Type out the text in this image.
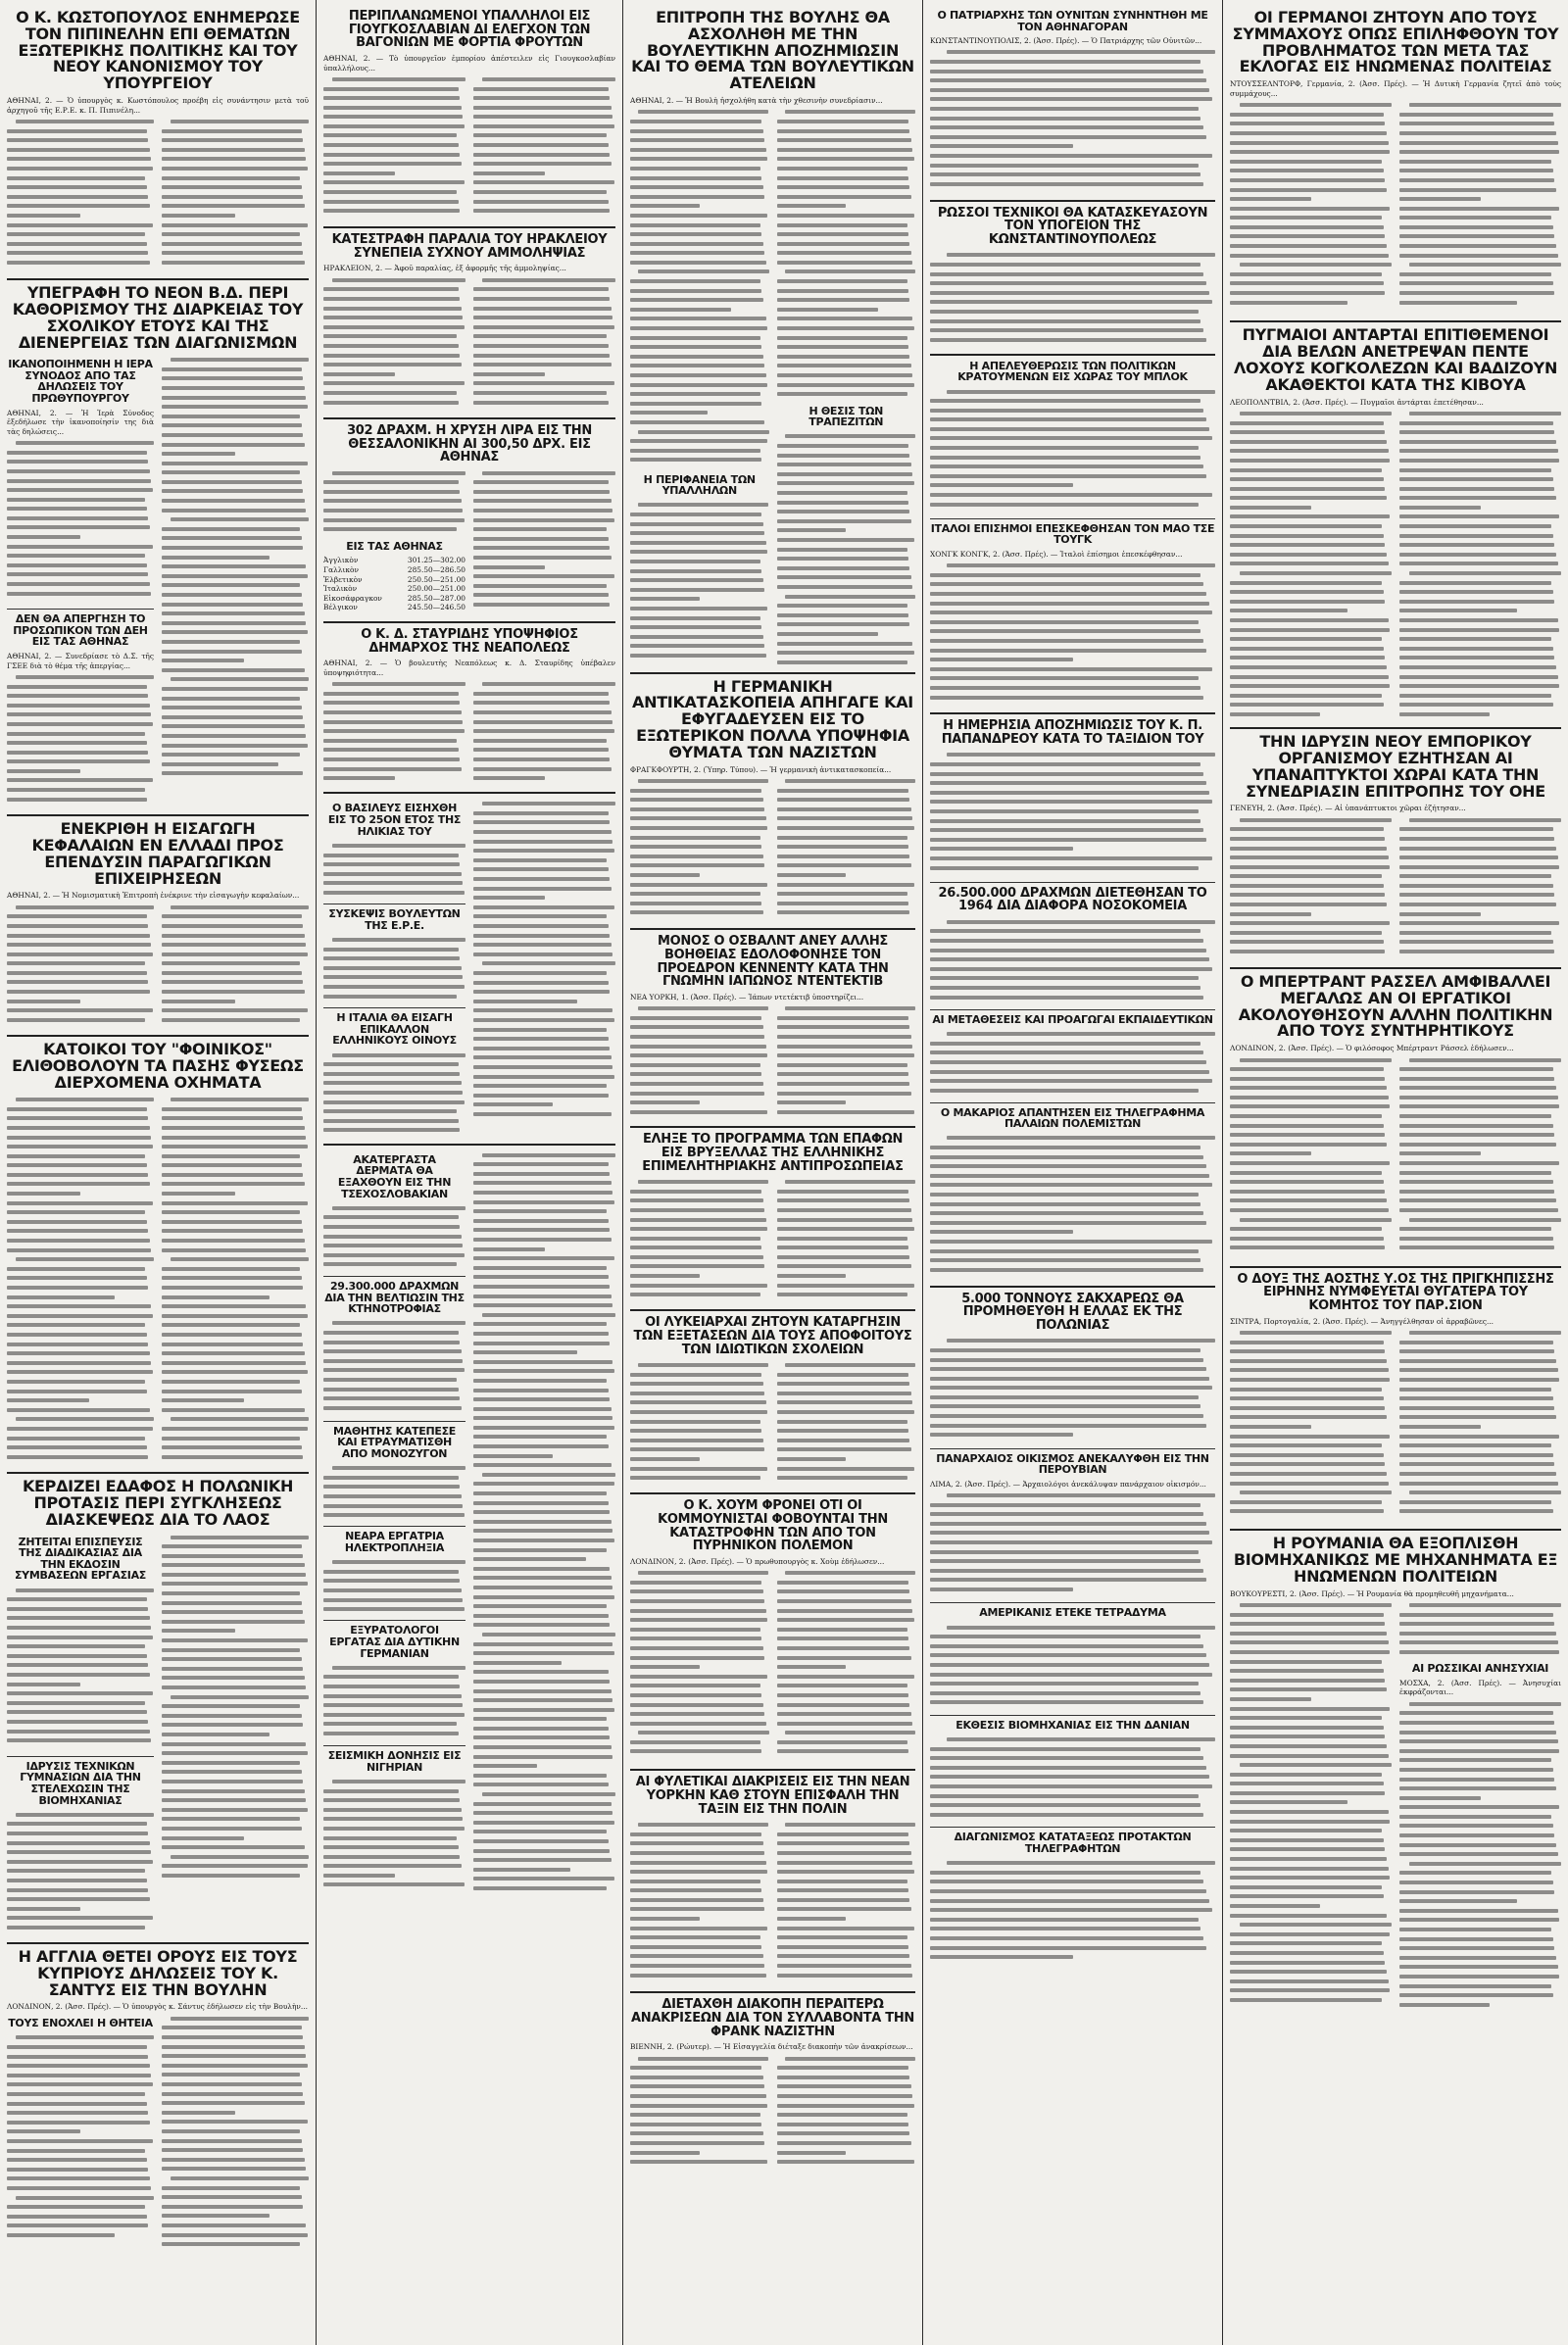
Ο Κ. ΚΩΣΤΟΠΟΥΛΟΣ ΕΝΗΜΕΡΩΣΕ ΤΟΝ ΠΙΠΙΝΕΛΗΝ ΕΠΙ ΘΕΜΑΤΩΝ ΕΞΩΤΕΡΙΚΗΣ ΠΟΛΙΤΙΚΗΣ ΚΑΙ ΤΟΥ ΝΕΟΥ ΚΑΝΟΝΙΣΜΟΥ ΤΟΥ ΥΠΟΥΡΓΕΙΟΥ

ΑΘΗΝΑΙ, 2. — Ὁ ὑπουργὸς κ. Κωστόπουλος προέβη εἰς συνάντησιν μετὰ τοῦ ἀρχηγοῦ τῆς Ε.Ρ.Ε. κ. Π. Πιπινέλη...

ΥΠΕΓΡΑΦΗ ΤΟ ΝΕΟΝ Β.Δ. ΠΕΡΙ ΚΑΘΟΡΙΣΜΟΥ ΤΗΣ ΔΙΑΡΚΕΙΑΣ ΤΟΥ ΣΧΟΛΙΚΟΥ ΕΤΟΥΣ ΚΑΙ ΤΗΣ ΔΙΕΝΕΡΓΕΙΑΣ ΤΩΝ ΔΙΑΓΩΝΙΣΜΩΝ
ΙΚΑΝΟΠΟΙΗΜΕΝΗ Η ΙΕΡΑ ΣΥΝΟΔΟΣ ΑΠΟ ΤΑΣ ΔΗΛΩΣΕΙΣ ΤΟΥ ΠΡΩΘΥΠΟΥΡΓΟΥ

ΑΘΗΝΑΙ, 2. — Ἡ Ἱερὰ Σύνοδος ἐξεδήλωσε τὴν ἱκανοποίησίν της διὰ τὰς δηλώσεις...

ΔΕΝ ΘΑ ΑΠΕΡΓΗΣΗ ΤΟ ΠΡΟΣΩΠΙΚΟΝ ΤΩΝ ΔΕΗ ΕΙΣ ΤΑΣ ΑΘΗΝΑΣ

ΑΘΗΝΑΙ, 2. — Συνεδρίασε τὸ Δ.Σ. τῆς ΓΣΕΕ διὰ τὸ θέμα τῆς ἀπεργίας...

ΕΝΕΚΡΙΘΗ Η ΕΙΣΑΓΩΓΗ ΚΕΦΑΛΑΙΩΝ ΕΝ ΕΛΛΑΔΙ ΠΡΟΣ ΕΠΕΝΔΥΣΙΝ ΠΑΡΑΓΩΓΙΚΩΝ ΕΠΙΧΕΙΡΗΣΕΩΝ

ΑΘΗΝΑΙ, 2. — Ἡ Νομισματικὴ Ἐπιτροπὴ ἐνέκρινε τὴν εἰσαγωγὴν κεφαλαίων...

ΚΑΤΟΙΚΟΙ ΤΟΥ "ΦΟΙΝΙΚΟΣ" ΕΛΙΘΟΒΟΛΟΥΝ ΤΑ ΠΑΣΗΣ ΦΥΣΕΩΣ ΔΙΕΡΧΟΜΕΝΑ ΟΧΗΜΑΤΑ
ΚΕΡΔΙΖΕΙ ΕΔΑΦΟΣ Η ΠΟΛΩΝΙΚΗ ΠΡΟΤΑΣΙΣ ΠΕΡΙ ΣΥΓΚΛΗΣΕΩΣ ΔΙΑΣΚΕΨΕΩΣ ΔΙΑ ΤΟ ΛΑΟΣ
ΖΗΤΕΙΤΑΙ ΕΠΙΣΠΕΥΣΙΣ ΤΗΣ ΔΙΑΔΙΚΑΣΙΑΣ ΔΙΑ ΤΗΝ ΕΚΔΟΣΙΝ ΣΥΜΒΑΣΕΩΝ ΕΡΓΑΣΙΑΣ
ΙΔΡΥΣΙΣ ΤΕΧΝΙΚΩΝ ΓΥΜΝΑΣΙΩΝ ΔΙΑ ΤΗΝ ΣΤΕΛΕΧΩΣΙΝ ΤΗΣ ΒΙΟΜΗΧΑΝΙΑΣ
Η ΑΓΓΛΙΑ ΘΕΤΕΙ ΟΡΟΥΣ ΕΙΣ ΤΟΥΣ ΚΥΠΡΙΟΥΣ ΔΗΛΩΣΕΙΣ ΤΟΥ Κ. ΣΑΝΤΥΣ ΕΙΣ ΤΗΝ ΒΟΥΛΗΝ

ΛΟΝΔΙΝΟΝ, 2. (Ἀσσ. Πρές). — Ὁ ὑπουργὸς κ. Σάντυς ἐδήλωσεν εἰς τὴν Βουλὴν...

ΤΟΥΣ ΕΝΟΧΛΕΙ Η ΘΗΤΕΙΑ
ΠΕΡΙΠΛΑΝΩΜΕΝΟΙ ΥΠΑΛΛΗΛΟΙ ΕΙΣ ΓΙΟΥΓΚΟΣΛΑΒΙΑΝ ΔΙ ΕΛΕΓΧΟΝ ΤΩΝ ΒΑΓΟΝΙΩΝ ΜΕ ΦΟΡΤΙΑ ΦΡΟΥΤΩΝ

ΑΘΗΝΑΙ, 2. — Τὸ ὑπουργεῖον ἐμπορίου ἀπέστειλεν εἰς Γιουγκοσλαβίαν ὑπαλλήλους...

ΚΑΤΕΣΤΡΑΦΗ ΠΑΡΑΛΙΑ ΤΟΥ ΗΡΑΚΛΕΙΟΥ ΣΥΝΕΠΕΙΑ ΣΥΧΝΟΥ ΑΜΜΟΛΗΨΙΑΣ

ΗΡΑΚΛΕΙΟΝ, 2. — Ἀφοῦ παραλίας, ἐξ ἀφορμῆς τῆς ἀμμοληψίας...

302 ΔΡΑΧΜ. Η ΧΡΥΣΗ ΛΙΡΑ ΕΙΣ ΤΗΝ ΘΕΣΣΑΛΟΝΙΚΗΝ ΑΙ 300,50 ΔΡΧ. ΕΙΣ ΑΘΗΝΑΣ
ΕΙΣ ΤΑΣ ΑΘΗΝΑΣ
Ἀγγλικὸν	301.25—302.00
Γαλλικὸν	285.50—286.50
Ἑλβετικὸν	250.50—251.00
Ἰταλικὸν	250.00—251.00
Εἰκοσάφραγκον	285.50—287.00
Βέλγικον	245.50—246.50
Ο Κ. Δ. ΣΤΑΥΡΙΔΗΣ ΥΠΟΨΗΦΙΟΣ ΔΗΜΑΡΧΟΣ ΤΗΣ ΝΕΑΠΟΛΕΩΣ

ΑΘΗΝΑΙ, 2. — Ὁ βουλευτὴς Νεαπόλεως κ. Δ. Σταυρίδης ὑπέβαλεν ὑποψηφιότητα...

Ο ΒΑΣΙΛΕΥΣ ΕΙΣΗΧΘΗ ΕΙΣ ΤΟ 25ΟΝ ΕΤΟΣ ΤΗΣ ΗΛΙΚΙΑΣ ΤΟΥ
ΣΥΣΚΕΨΙΣ ΒΟΥΛΕΥΤΩΝ ΤΗΣ Ε.Ρ.Ε.
Η ΙΤΑΛΙΑ ΘΑ ΕΙΣΑΓΗ ΕΠΙΚΑΛΛΟΝ ΕΛΛΗΝΙΚΟΥΣ ΟΙΝΟΥΣ
ΑΚΑΤΕΡΓΑΣΤΑ ΔΕΡΜΑΤΑ ΘΑ ΕΞΑΧΘΟΥΝ ΕΙΣ ΤΗΝ ΤΣΕΧΟΣΛΟΒΑΚΙΑΝ
29.300.000 ΔΡΑΧΜΩΝ ΔΙΑ ΤΗΝ ΒΕΛΤΙΩΣΙΝ ΤΗΣ ΚΤΗΝΟΤΡΟΦΙΑΣ
ΜΑΘΗΤΗΣ ΚΑΤΕΠΕΣΕ ΚΑΙ ΕΤΡΑΥΜΑΤΙΣΘΗ ΑΠΟ ΜΟΝΟΖΥΓΟΝ
ΝΕΑΡΑ ΕΡΓΑΤΡΙΑ ΗΛΕΚΤΡΟΠΛΗΞΙΑ
ΕΞΥΡΑΤΟΛΟΓΟΙ ΕΡΓΑΤΑΣ ΔΙΑ ΔΥΤΙΚΗΝ ΓΕΡΜΑΝΙΑΝ
ΣΕΙΣΜΙΚΗ ΔΟΝΗΣΙΣ ΕΙΣ ΝΙΓΗΡΙΑΝ
ΕΠΙΤΡΟΠΗ ΤΗΣ ΒΟΥΛΗΣ ΘΑ ΑΣΧΟΛΗΘΗ ΜΕ ΤΗΝ ΒΟΥΛΕΥΤΙΚΗΝ ΑΠΟΖΗΜΙΩΣΙΝ ΚΑΙ ΤΟ ΘΕΜΑ ΤΩΝ ΒΟΥΛΕΥΤΙΚΩΝ ΑΤΕΛΕΙΩΝ

ΑΘΗΝΑΙ, 2. — Ἡ Βουλὴ ἠσχολήθη κατὰ τὴν χθεσινὴν συνεδρίασιν...

Η ΠΕΡΙΦΑΝΕΙΑ ΤΩΝ ΥΠΑΛΛΗΛΩΝ
Η ΘΕΣΙΣ ΤΩΝ ΤΡΑΠΕΖΙΤΩΝ
Η ΓΕΡΜΑΝΙΚΗ ΑΝΤΙΚΑΤΑΣΚΟΠΕΙΑ ΑΠΗΓΑΓΕ ΚΑΙ ΕΦΥΓΑΔΕΥΣΕΝ ΕΙΣ ΤΟ ΕΞΩΤΕΡΙΚΟΝ ΠΟΛΛΑ ΥΠΟΨΗΦΙΑ ΘΥΜΑΤΑ ΤΩΝ ΝΑΖΙΣΤΩΝ

ΦΡΑΓΚΦΟΥΡΤΗ, 2. (Ὑπηρ. Τύπου). — Ἡ γερμανικὴ ἀντικατασκοπεία...

ΜΟΝΟΣ Ο ΟΣΒΑΛΝΤ ΑΝΕΥ ΑΛΛΗΣ ΒΟΗΘΕΙΑΣ ΕΔΟΛΟΦΟΝΗΣΕ ΤΟΝ ΠΡΟΕΔΡΟΝ ΚΕΝΝΕΝΤΥ ΚΑΤΑ ΤΗΝ ΓΝΩΜΗΝ ΙΑΠΩΝΟΣ ΝΤΕΝΤΕΚΤΙΒ

ΝΕΑ ΥΟΡΚΗ, 1. (Ἀσσ. Πρές). — Ἰάπων ντετέκτιβ ὑποστηρίζει...

ΕΛΗΞΕ ΤΟ ΠΡΟΓΡΑΜΜΑ ΤΩΝ ΕΠΑΦΩΝ ΕΙΣ ΒΡΥΞΕΛΛΑΣ ΤΗΣ ΕΛΛΗΝΙΚΗΣ ΕΠΙΜΕΛΗΤΗΡΙΑΚΗΣ ΑΝΤΙΠΡΟΣΩΠΕΙΑΣ
ΟΙ ΛΥΚΕΙΑΡΧΑΙ ΖΗΤΟΥΝ ΚΑΤΑΡΓΗΣΙΝ ΤΩΝ ΕΞΕΤΑΣΕΩΝ ΔΙΑ ΤΟΥΣ ΑΠΟΦΟΙΤΟΥΣ ΤΩΝ ΙΔΙΩΤΙΚΩΝ ΣΧΟΛΕΙΩΝ
Ο Κ. ΧΟΥΜ ΦΡΟΝΕΙ ΟΤΙ ΟΙ ΚΟΜΜΟΥΝΙΣΤΑΙ ΦΟΒΟΥΝΤΑΙ ΤΗΝ ΚΑΤΑΣΤΡΟΦΗΝ ΤΩΝ ΑΠΟ ΤΟΝ ΠΥΡΗΝΙΚΟΝ ΠΟΛΕΜΟΝ

ΛΟΝΔΙΝΟΝ, 2. (Ἀσσ. Πρές). — Ὁ πρωθυπουργὸς κ. Χοὺμ ἐδήλωσεν...

ΑΙ ΦΥΛΕΤΙΚΑΙ ΔΙΑΚΡΙΣΕΙΣ ΕΙΣ ΤΗΝ ΝΕΑΝ ΥΟΡΚΗΝ ΚΑΘ ΣΤΟΥΝ ΕΠΙΣΦΑΛΗ ΤΗΝ ΤΑΞΙΝ ΕΙΣ ΤΗΝ ΠΟΛΙΝ
ΔΙΕΤΑΧΘΗ ΔΙΑΚΟΠΗ ΠΕΡΑΙΤΕΡΩ ΑΝΑΚΡΙΣΕΩΝ ΔΙΑ ΤΟΝ ΣΥΛΛΑΒΟΝΤΑ ΤΗΝ ΦΡΑΝΚ ΝΑΖΙΣΤΗΝ

ΒΙΕΝΝΗ, 2. (Ρώυτερ). — Ἡ Εἰσαγγελία διέταξε διακοπὴν τῶν ἀνακρίσεων...

Ο ΠΑΤΡΙΑΡΧΗΣ ΤΩΝ ΟΥΝΙΤΩΝ ΣΥΝΗΝΤΗΘΗ ΜΕ ΤΟΝ ΑΘΗΝΑΓΟΡΑΝ

ΚΩΝΣΤΑΝΤΙΝΟΥΠΟΛΙΣ, 2. (Ἀσσ. Πρές). — Ὁ Πατριάρχης τῶν Οὐνιτῶν...

ΡΩΣΣΟΙ ΤΕΧΝΙΚΟΙ ΘΑ ΚΑΤΑΣΚΕΥΑΣΟΥΝ ΤΟΝ ΥΠΟΓΕΙΟΝ ΤΗΣ ΚΩΝΣΤΑΝΤΙΝΟΥΠΟΛΕΩΣ
Η ΑΠΕΛΕΥΘΕΡΩΣΙΣ ΤΩΝ ΠΟΛΙΤΙΚΩΝ ΚΡΑΤΟΥΜΕΝΩΝ ΕΙΣ ΧΩΡΑΣ ΤΟΥ ΜΠΛΟΚ
ΙΤΑΛΟΙ ΕΠΙΣΗΜΟΙ ΕΠΕΣΚΕΦΘΗΣΑΝ ΤΟΝ ΜΑΟ ΤΣΕ ΤΟΥΓΚ

ΧΟΝΓΚ ΚΟΝΓΚ, 2. (Ἀσσ. Πρές). — Ἰταλοὶ ἐπίσημοι ἐπεσκέφθησαν...

Η ΗΜΕΡΗΣΙΑ ΑΠΟΖΗΜΙΩΣΙΣ ΤΟΥ Κ. Π. ΠΑΠΑΝΔΡΕΟΥ ΚΑΤΑ ΤΟ ΤΑΞΙΔΙΟΝ ΤΟΥ
26.500.000 ΔΡΑΧΜΩΝ ΔΙΕΤΕΘΗΣΑΝ ΤΟ 1964 ΔΙΑ ΔΙΑΦΟΡΑ ΝΟΣΟΚΟΜΕΙΑ
ΑΙ ΜΕΤΑΘΕΣΕΙΣ ΚΑΙ ΠΡΟΑΓΩΓΑΙ ΕΚΠΑΙΔΕΥΤΙΚΩΝ
Ο ΜΑΚΑΡΙΟΣ ΑΠΑΝΤΗΣΕΝ ΕΙΣ ΤΗΛΕΓΡΑΦΗΜΑ ΠΑΛΑΙΩΝ ΠΟΛΕΜΙΣΤΩΝ
5.000 ΤΟΝΝΟΥΣ ΣΑΚΧΑΡΕΩΣ ΘΑ ΠΡΟΜΗΘΕΥΘΗ Η ΕΛΛΑΣ ΕΚ ΤΗΣ ΠΟΛΩΝΙΑΣ
ΠΑΝΑΡΧΑΙΟΣ ΟΙΚΙΣΜΟΣ ΑΝΕΚΑΛΥΦΘΗ ΕΙΣ ΤΗΝ ΠΕΡΟΥΒΙΑΝ

ΛΙΜΑ, 2. (Ἀσσ. Πρές). — Ἀρχαιολόγοι ἀνεκάλυψαν πανάρχαιον οἰκισμόν...

ΑΜΕΡΙΚΑΝΙΣ ΕΤΕΚΕ ΤΕΤΡΑΔΥΜΑ
ΕΚΘΕΣΙΣ ΒΙΟΜΗΧΑΝΙΑΣ ΕΙΣ ΤΗΝ ΔΑΝΙΑΝ
ΔΙΑΓΩΝΙΣΜΟΣ ΚΑΤΑΤΑΞΕΩΣ ΠΡΟΤΑΚΤΩΝ ΤΗΛΕΓΡΑΦΗΤΩΝ
ΟΙ ΓΕΡΜΑΝΟΙ ΖΗΤΟΥΝ ΑΠΟ ΤΟΥΣ ΣΥΜΜΑΧΟΥΣ ΟΠΩΣ ΕΠΙΛΗΦΘΟΥΝ ΤΟΥ ΠΡΟΒΛΗΜΑΤΟΣ ΤΩΝ ΜΕΤΑ ΤΑΣ ΕΚΛΟΓΑΣ ΕΙΣ ΗΝΩΜΕΝΑΣ ΠΟΛΙΤΕΙΑΣ

ΝΤΟΥΣΣΕΛΝΤΟΡΦ, Γερμανία, 2. (Ἀσσ. Πρές). — Ἡ Δυτικὴ Γερμανία ζητεῖ ἀπὸ τοὺς συμμάχους...

ΠΥΓΜΑΙΟΙ ΑΝΤΑΡΤΑΙ ΕΠΙΤΙΘΕΜΕΝΟΙ ΔΙΑ ΒΕΛΩΝ ΑΝΕΤΡΕΨΑΝ ΠΕΝΤΕ ΛΟΧΟΥΣ ΚΟΓΚΟΛΕΖΩΝ ΚΑΙ ΒΑΔΙΖΟΥΝ ΑΚΑΘΕΚΤΟΙ ΚΑΤΑ ΤΗΣ ΚΙΒΟΥΑ

ΛΕΟΠΟΛΝΤΒΙΛ, 2. (Ἀσσ. Πρές). — Πυγμαῖοι ἀντάρται ἐπετέθησαν...

ΤΗΝ ΙΔΡΥΣΙΝ ΝΕΟΥ ΕΜΠΟΡΙΚΟΥ ΟΡΓΑΝΙΣΜΟΥ ΕΖΗΤΗΣΑΝ ΑΙ ΥΠΑΝΑΠΤΥΚΤΟΙ ΧΩΡΑΙ ΚΑΤΑ ΤΗΝ ΣΥΝΕΔΡΙΑΣΙΝ ΕΠΙΤΡΟΠΗΣ ΤΟΥ ΟΗΕ

ΓΕΝΕΥΗ, 2. (Ἀσσ. Πρές). — Αἱ ὑπανάπτυκτοι χῶραι ἐζήτησαν...

Ο ΜΠΕΡΤΡΑΝΤ ΡΑΣΣΕΛ ΑΜΦΙΒΑΛΛΕΙ ΜΕΓΑΛΩΣ ΑΝ ΟΙ ΕΡΓΑΤΙΚΟΙ ΑΚΟΛΟΥΘΗΣΟΥΝ ΑΛΛΗΝ ΠΟΛΙΤΙΚΗΝ ΑΠΟ ΤΟΥΣ ΣΥΝΤΗΡΗΤΙΚΟΥΣ

ΛΟΝΔΙΝΟΝ, 2. (Ἀσσ. Πρές). — Ὁ φιλόσοφος Μπέρτραντ Ράσσελ ἐδήλωσεν...

Ο ΔΟΥΞ ΤΗΣ ΑΟΣΤΗΣ Υ.ΟΣ ΤΗΣ ΠΡΙΓΚΗΠΙΣΣΗΣ ΕΙΡΗΝΗΣ ΝΥΜΦΕΥΕΤΑΙ ΘΥΓΑΤΕΡΑ ΤΟΥ ΚΟΜΗΤΟΣ ΤΟΥ ΠΑΡ.ΣΙΟΝ

ΣΙΝΤΡΑ, Πορτογαλία, 2. (Ἀσσ. Πρές). — Ἀνηγγέλθησαν οἱ ἀρραβῶνες...

Η ΡΟΥΜΑΝΙΑ ΘΑ ΕΞΟΠΛΙΣΘΗ ΒΙΟΜΗΧΑΝΙΚΩΣ ΜΕ ΜΗΧΑΝΗΜΑΤΑ ΕΞ ΗΝΩΜΕΝΩΝ ΠΟΛΙΤΕΙΩΝ

ΒΟΥΚΟΥΡΕΣΤΙ, 2. (Ἀσσ. Πρές). — Ἡ Ρουμανία θὰ προμηθευθῆ μηχανήματα...

ΑΙ ΡΩΣΣΙΚΑΙ ΑΝΗΣΥΧΙΑΙ

ΜΟΣΧΑ, 2. (Ἀσσ. Πρές). — Ἀνησυχίαι ἐκφράζονται...
